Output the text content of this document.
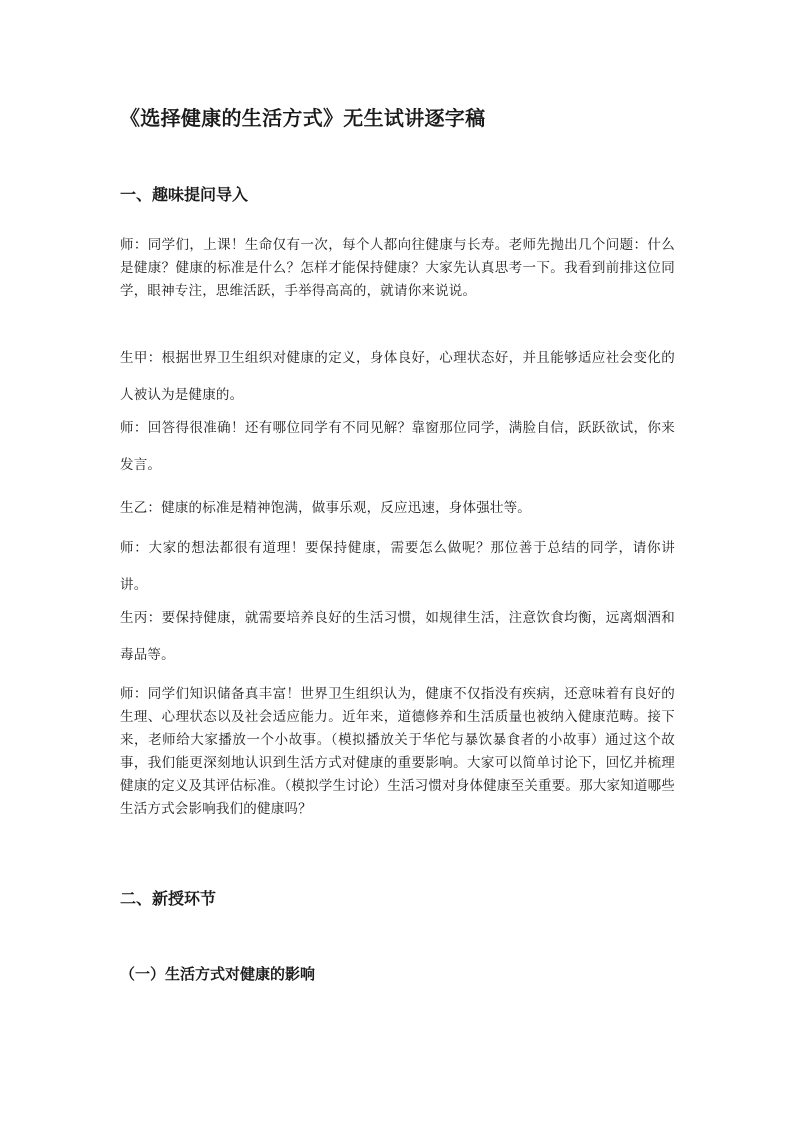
《选择健康的生活方式》无生试讲逐字稿
一、趣味提问导入

师：同学们，上课！生命仅有一次，每个人都向往健康与长寿。老师先抛出几个问题：什么是健康？健康的标准是什么？怎样才能保持健康？大家先认真思考一下。我看到前排这位同学，眼神专注，思维活跃，手举得高高的，就请你来说说。

生甲：根据世界卫生组织对健康的定义，身体良好，心理状态好，并且能够适应社会变化的人被认为是健康的。

师：回答得很准确！还有哪位同学有不同见解？靠窗那位同学，满脸自信，跃跃欲试，你来发言。

生乙：健康的标准是精神饱满，做事乐观，反应迅速，身体强壮等。

师：大家的想法都很有道理！要保持健康，需要怎么做呢？那位善于总结的同学，请你讲讲。

生丙：要保持健康，就需要培养良好的生活习惯，如规律生活，注意饮食均衡，远离烟酒和毒品等。

师：同学们知识储备真丰富！世界卫生组织认为，健康不仅指没有疾病，还意味着有良好的生理、心理状态以及社会适应能力。近年来，道德修养和生活质量也被纳入健康范畴。接下来，老师给大家播放一个小故事。（模拟播放关于华佗与暴饮暴食者的小故事）通过这个故事，我们能更深刻地认识到生活方式对健康的重要影响。大家可以简单讨论下，回忆并梳理健康的定义及其评估标准。（模拟学生讨论）生活习惯对身体健康至关重要。那大家知道哪些生活方式会影响我们的健康吗？

二、新授环节
（一）生活方式对健康的影响
